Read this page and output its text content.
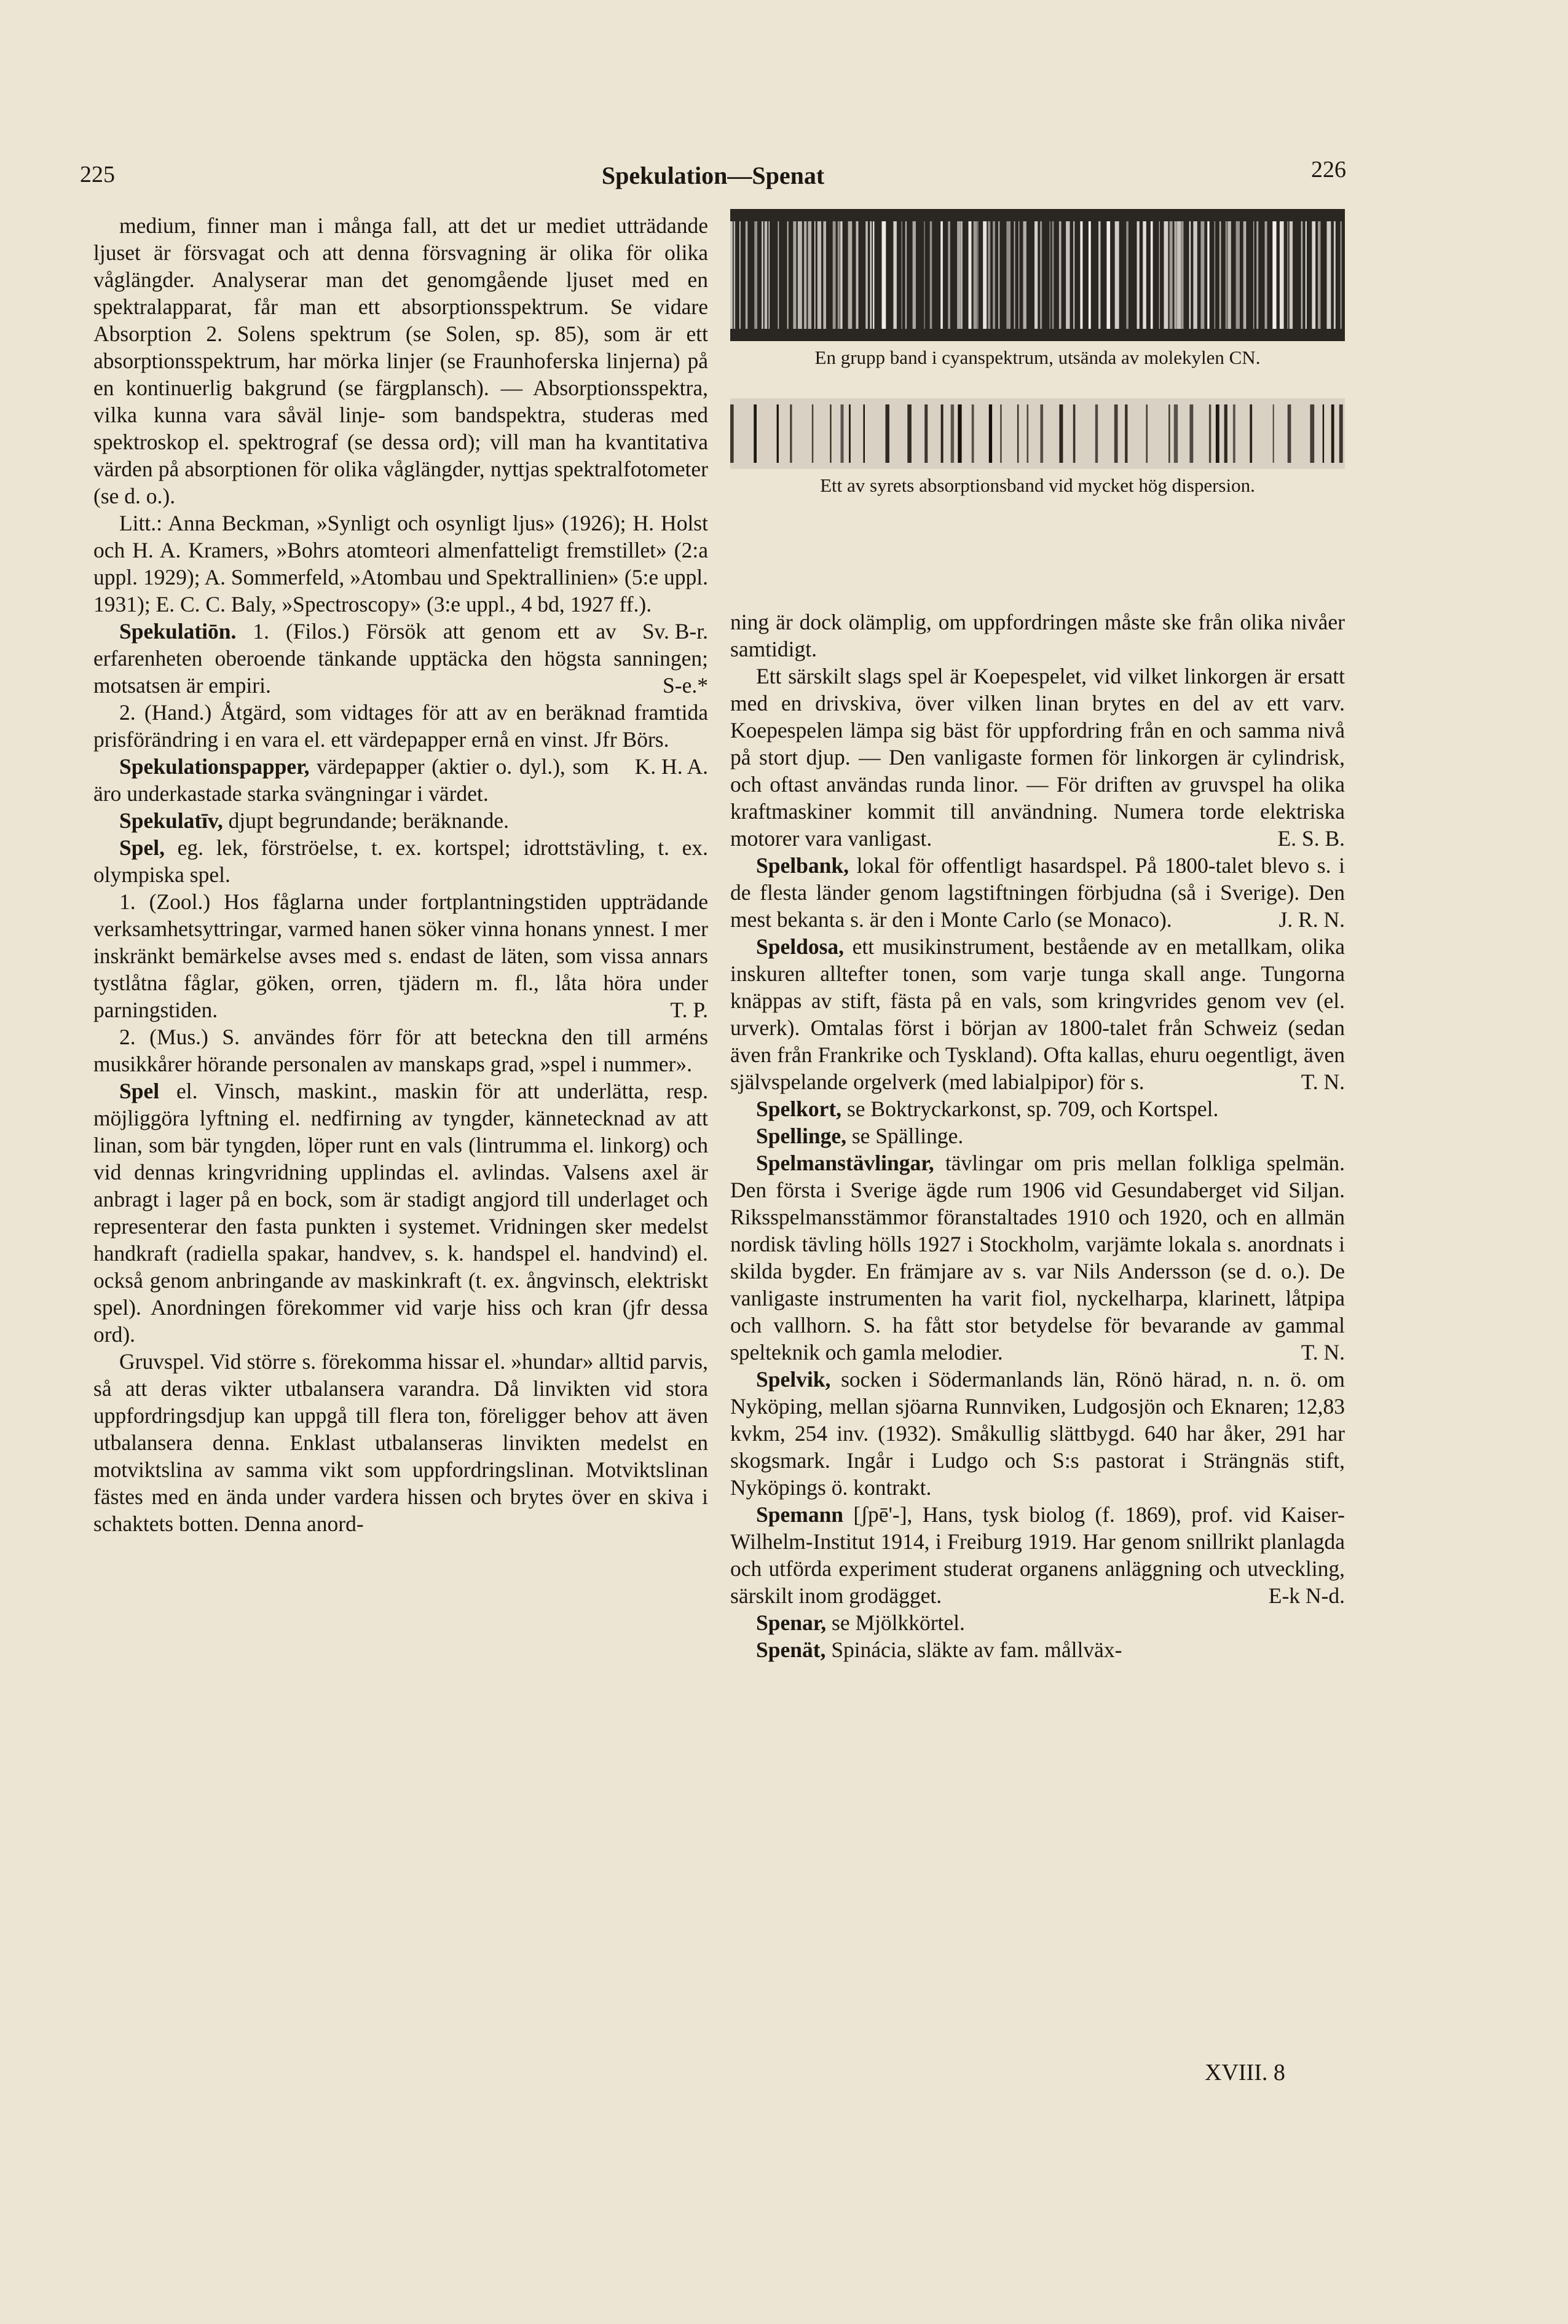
225	Spekulation—Spenat	226

medium, finner man i många fall, att det ur mediet utträdande ljuset är försvagat och att denna försvagning är olika för olika våglängder. Analyserar man det genomgående ljuset med en spektralapparat, får man ett absorptionsspektrum. Se vidare Absorption 2. Solens spektrum (se Solen, sp. 85), som är ett absorptionsspektrum, har mörka linjer (se Fraunhoferska linjerna) på en kontinuerlig bakgrund (se färgplansch). — Absorptionsspektra, vilka kunna vara såväl linje- som bandspektra, studeras med spektroskop el. spektrograf (se dessa ord); vill man ha kvantitativa värden på absorptionen för olika våglängder, nyttjas spektralfotometer (se d. o.).

Litt.: Anna Beckman, »Synligt och osynligt ljus» (1926); H. Holst och H. A. Kramers, »Bohrs atomteori almenfatteligt fremstillet» (2:a uppl. 1929); A. Sommerfeld, »Atombau und Spektrallinien» (5:e uppl. 1931); E. C. C. Baly, »Spectroscopy» (3:e uppl., 4 bd, 1927 ff.).
Sv. B-r.

Spekulatiōn. 1. (Filos.) Försök att genom ett av erfarenheten oberoende tänkande upptäcka den högsta sanningen; motsatsen är empiri.	S-e.*

2. (Hand.) Åtgärd, som vidtages för att av en beräknad framtida prisförändring i en vara el. ett värdepapper ernå en vinst. Jfr Börs.
K. H. A.

Spekulationspapper, värdepapper (aktier o. dyl.), som äro underkastade starka svängningar i värdet.

Spekulatīv, djupt begrundande; beräknande.

Spel, eg. lek, förströelse, t. ex. kortspel; idrottstävling, t. ex. olympiska spel.

1. (Zool.) Hos fåglarna under fortplantningstiden uppträdande verksamhetsyttringar, varmed hanen söker vinna honans ynnest. I mer inskränkt bemärkelse avses med s. endast de läten, som vissa annars tystlåtna fåglar, göken, orren, tjädern m. fl., låta höra under parningstiden.	T. P.

2. (Mus.) S. användes förr för att beteckna den till arméns musikkårer hörande personalen av manskaps grad, »spel i nummer».

Spel el. Vinsch, maskint., maskin för att underlätta, resp. möjliggöra lyftning el. nedfirning av tyngder, kännetecknad av att linan, som bär tyngden, löper runt en vals (lintrumma el. linkorg) och vid dennas kringvridning upplindas el. avlindas. Valsens axel är anbragt i lager på en bock, som är stadigt angjord till underlaget och representerar den fasta punkten i systemet. Vridningen sker medelst handkraft (radiella spakar, handvev, s. k. handspel el. handvind) el. också genom anbringande av maskinkraft (t. ex. ångvinsch, elektriskt spel). Anordningen förekommer vid varje hiss och kran (jfr dessa ord).

Gruvspel. Vid större s. förekomma hissar el. »hundar» alltid parvis, så att deras vikter utbalansera varandra. Då linvikten vid stora uppfordringsdjup kan uppgå till flera ton, föreligger behov att även utbalansera denna. Enklast utbalanseras linvikten medelst en motviktslina av samma vikt som uppfordringslinan. Motviktslinan fästes med en ända under vardera hissen och brytes över en skiva i schaktets botten. Denna anord-

En grupp band i cyanspektrum, utsända av molekylen CN.
Ett av syrets absorptionsband vid mycket hög dispersion.

ning är dock olämplig, om uppfordringen måste ske från olika nivåer samtidigt.

Ett särskilt slags spel är Koepespelet, vid vilket linkorgen är ersatt med en drivskiva, över vilken linan brytes en del av ett varv. Koepespelen lämpa sig bäst för uppfordring från en och samma nivå på stort djup. — Den vanligaste formen för linkorgen är cylindrisk, och oftast användas runda linor. — För driften av gruvspel ha olika kraftmaskiner kommit till användning. Numera torde elektriska motorer vara vanligast.	E. S. B.

Spelbank, lokal för offentligt hasardspel. På 1800-talet blevo s. i de flesta länder genom lagstiftningen förbjudna (så i Sverige). Den mest bekanta s. är den i Monte Carlo (se Monaco).	J. R. N.

Speldosa, ett musikinstrument, bestående av en metallkam, olika inskuren alltefter tonen, som varje tunga skall ange. Tungorna knäppas av stift, fästa på en vals, som kringvrides genom vev (el. urverk). Omtalas först i början av 1800-talet från Schweiz (sedan även från Frankrike och Tyskland). Ofta kallas, ehuru oegentligt, även självspelande orgelverk (med labialpipor) för s.	T. N.

Spelkort, se Boktryckarkonst, sp. 709, och Kortspel.

Spellinge, se Spällinge.

Spelmanstävlingar, tävlingar om pris mellan folkliga spelmän. Den första i Sverige ägde rum 1906 vid Gesundaberget vid Siljan. Riksspelmansstämmor föranstaltades 1910 och 1920, och en allmän nordisk tävling hölls 1927 i Stockholm, varjämte lokala s. anordnats i skilda bygder. En främjare av s. var Nils Andersson (se d. o.). De vanligaste instrumenten ha varit fiol, nyckelharpa, klarinett, låtpipa och vallhorn. S. ha fått stor betydelse för bevarande av gammal spelteknik och gamla melodier.	T. N.

Spelvik, socken i Södermanlands län, Rönö härad, n. n. ö. om Nyköping, mellan sjöarna Runnviken, Ludgosjön och Eknaren; 12,83 kvkm, 254 inv. (1932). Småkullig slättbygd. 640 har åker, 291 har skogsmark. Ingår i Ludgo och S:s pastorat i Strängnäs stift, Nyköpings ö. kontrakt.

Spemann [ʃpē'-], Hans, tysk biolog (f. 1869), prof. vid Kaiser-Wilhelm-Institut 1914, i Freiburg 1919. Har genom snillrikt planlagda och utförda experiment studerat organens anläggning och utveckling, särskilt inom grodägget.	E-k N-d.

Spenar, se Mjölkkörtel.

Spenät, Spinácia, släkte av fam. mållväx-

XVIII. 8
